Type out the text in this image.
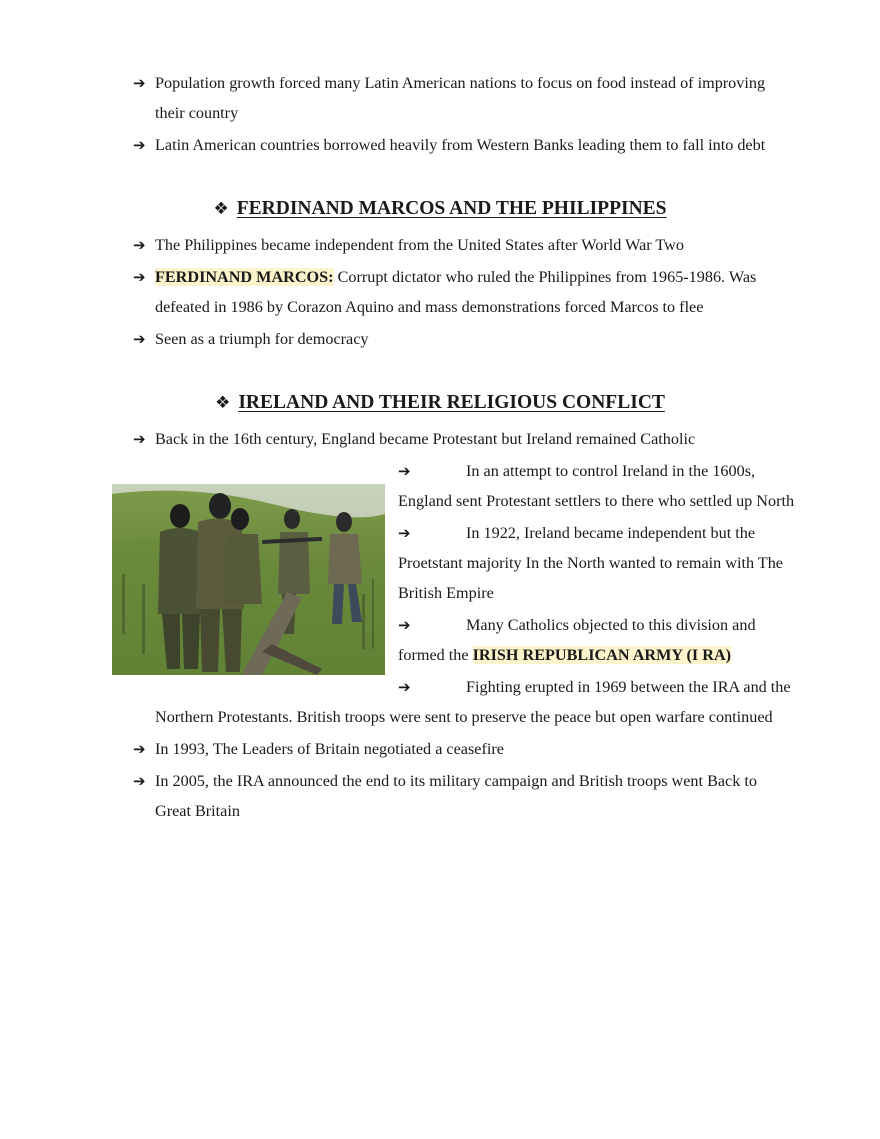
➔ Population growth forced many Latin American nations to focus on food instead of improving
their country
➔ Latin American countries borrowed heavily from Western Banks leading them to fall into debt
❖ FERDINAND MARCOS AND THE PHILIPPINES
➔ The Philippines became independent from the United States after World War Two
➔ FERDINAND MARCOS: Corrupt dictator who ruled the Philippines from 1965-1986. Was
defeated in 1986 by Corazon Aquino and mass demonstrations forced Marcos to flee
➔ Seen as a triumph for democracy
❖ IRELAND AND THEIR RELIGIOUS CONFLICT
➔ Back in the 16th century, England became Protestant but Ireland remained Catholic
➔	In an attempt to control Ireland in the 1600s,
England sent Protestant settlers to there who settled up North
➔	In 1922, Ireland became independent but the
Proetstant majority In the North wanted to remain with The
British Empire
➔	Many Catholics objected to this division and
formed the IRISH REPUBLICAN ARMY (I RA)
➔	Fighting erupted in 1969 between the IRA and the
Northern Protestants. British troops were sent to preserve the peace but open warfare continued
➔ In 1993, The Leaders of Britain negotiated a ceasefire
➔ In 2005, the IRA announced the end to its military campaign and British troops went Back to
Great Britain
